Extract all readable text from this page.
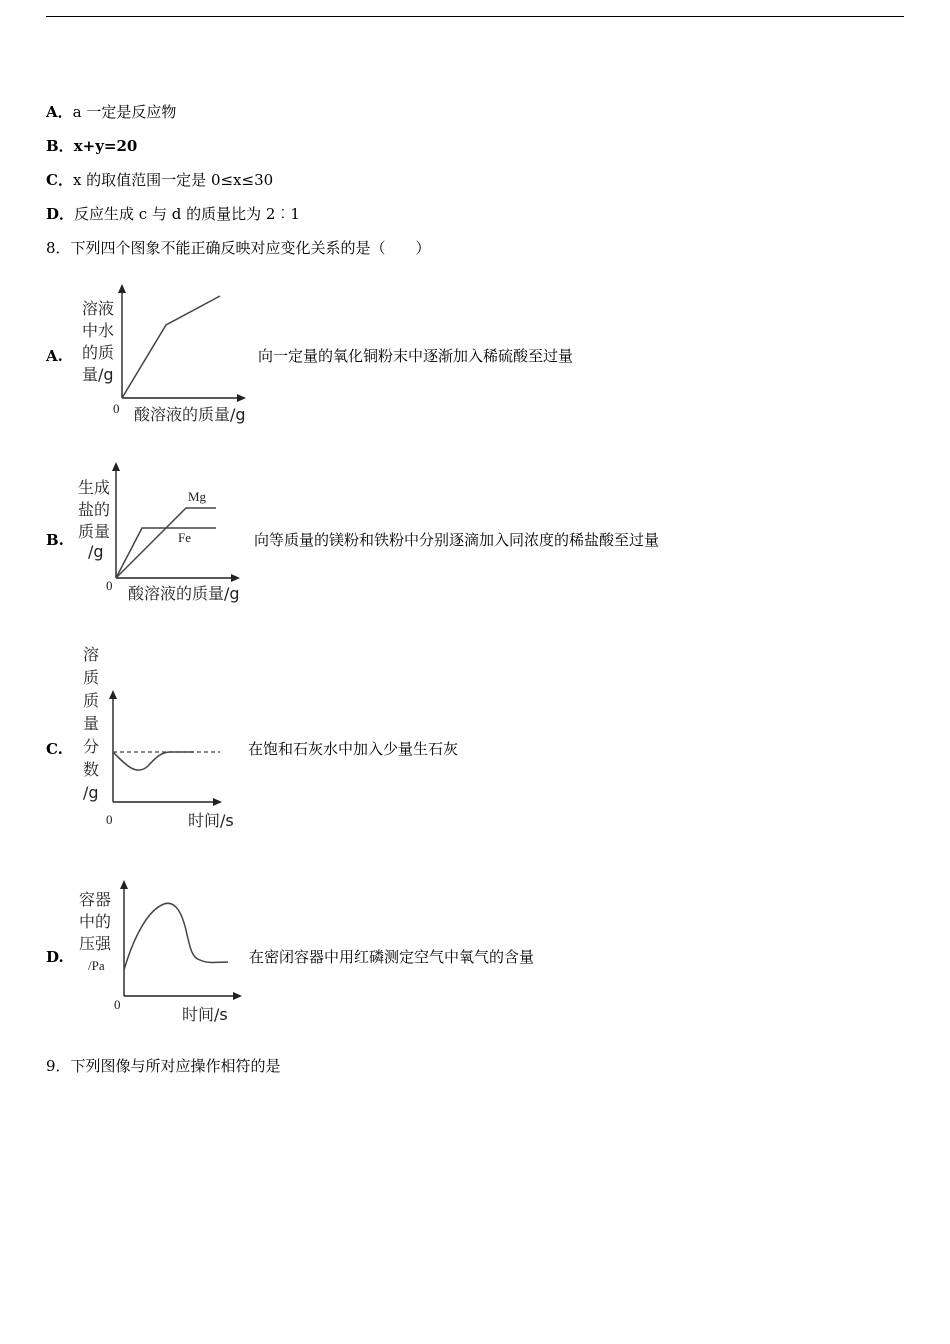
A．a 一定是反应物
B．x+y=20
C．x 的取值范围一定是 0≤x≤30
D．反应生成 c 与 d 的质量比为 2︰1
8．下列四个图象不能正确反映对应变化关系的是（　　）
A.
溶液 中水 的质 量/g
0 酸溶液的质量/g
向一定量的氧化铜粉末中逐渐加入稀硫酸至过量
B.
生成 盐的 质量 /g
0 酸溶液的质量/g
Mg
Fe	向等质量的镁粉和铁粉中分别逐滴加入同浓度的稀盐酸至过量
C.
溶 质 质 量 分 数 /g
0	时间/s
在饱和石灰水中加入少量生石灰
D.
容器 中的 压强 /Pa
0
时间/s
在密闭容器中用红磷测定空气中氧气的含量
9．下列图像与所对应操作相符的是
